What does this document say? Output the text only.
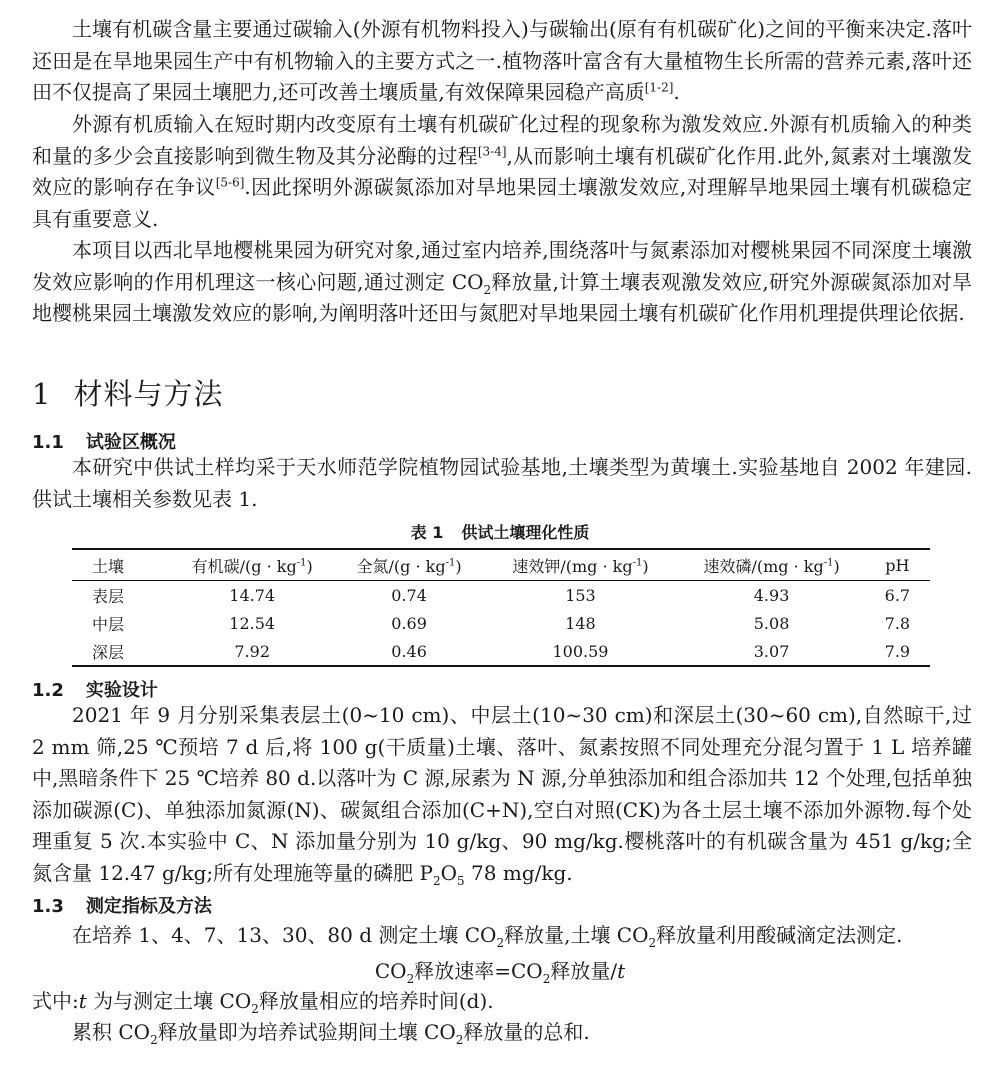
土壤有机碳含量主要通过碳输入(外源有机物料投入)与碳输出(原有有机碳矿化)之间的平衡来决定.落叶还田是在旱地果园生产中有机物输入的主要方式之一.植物落叶富含有大量植物生长所需的营养元素,落叶还田不仅提高了果园土壤肥力,还可改善土壤质量,有效保障果园稳产高质[1-2].

外源有机质输入在短时期内改变原有土壤有机碳矿化过程的现象称为激发效应.外源有机质输入的种类和量的多少会直接影响到微生物及其分泌酶的过程[3-4],从而影响土壤有机碳矿化作用.此外,氮素对土壤激发效应的影响存在争议[5-6].因此探明外源碳氮添加对旱地果园土壤激发效应,对理解旱地果园土壤有机碳稳定具有重要意义.

本项目以西北旱地樱桃果园为研究对象,通过室内培养,围绕落叶与氮素添加对樱桃果园不同深度土壤激发效应影响的作用机理这一核心问题,通过测定 $CO_2$释放量,计算土壤表观激发效应,研究外源碳氮添加对旱地樱桃果园土壤激发效应的影响,为阐明落叶还田与氮肥对旱地果园土壤有机碳矿化作用机理提供理论依据.

1 材料与方法
1.1 试验区概况

本研究中供试土样均采于天水师范学院植物园试验基地,土壤类型为黄壤土.实验基地自 2002 年建园.供试土壤相关参数见表 1.

表 1 供试土壤理化性质

土壤	有机碳$/(g \cdot kg^{-1})$	全氮$/(g \cdot kg^{-1})$	速效钾$/(mg \cdot kg^{-1})$	速效磷$/(mg \cdot kg^{-1})$	pH
表层	14.74	0.74	153	4.93	6.7
中层	12.54	0.69	148	5.08	7.8
深层	7.92	0.46	100.59	3.07	7.9
1.2 实验设计

2021 年 9 月分别采集表层土(0~10 cm)、中层土(10~30 cm)和深层土(30~60 cm),自然晾干,过 2 mm 筛,25 ℃预培 7 d 后,将 100 g(干质量)土壤、落叶、氮素按照不同处理充分混匀置于 1 L 培养罐中,黑暗条件下 25 ℃培养 80 d.以落叶为 C 源,尿素为 N 源,分单独添加和组合添加共 12 个处理,包括单独添加碳源(C)、单独添加氮源(N)、碳氮组合添加(C+N),空白对照(CK)为各土层土壤不添加外源物.每个处理重复 5 次.本实验中 C、N 添加量分别为 10 g/kg、90 mg/kg.樱桃落叶的有机碳含量为 451 g/kg;全氮含量 12.47 g/kg;所有处理施等量的磷肥 $P_2O_5$ 78 mg/kg.

1.3 测定指标及方法

在培养 1、4、7、13、30、80 d 测定土壤 $CO_2$释放量,土壤 $CO_2$释放量利用酸碱滴定法测定.

$CO_2$释放速率$=CO_2$释放量/t

式中:t 为与测定土壤 $CO_2$释放量相应的培养时间(d).

累积 $CO_2$释放量即为培养试验期间土壤 $CO_2$释放量的总和.
